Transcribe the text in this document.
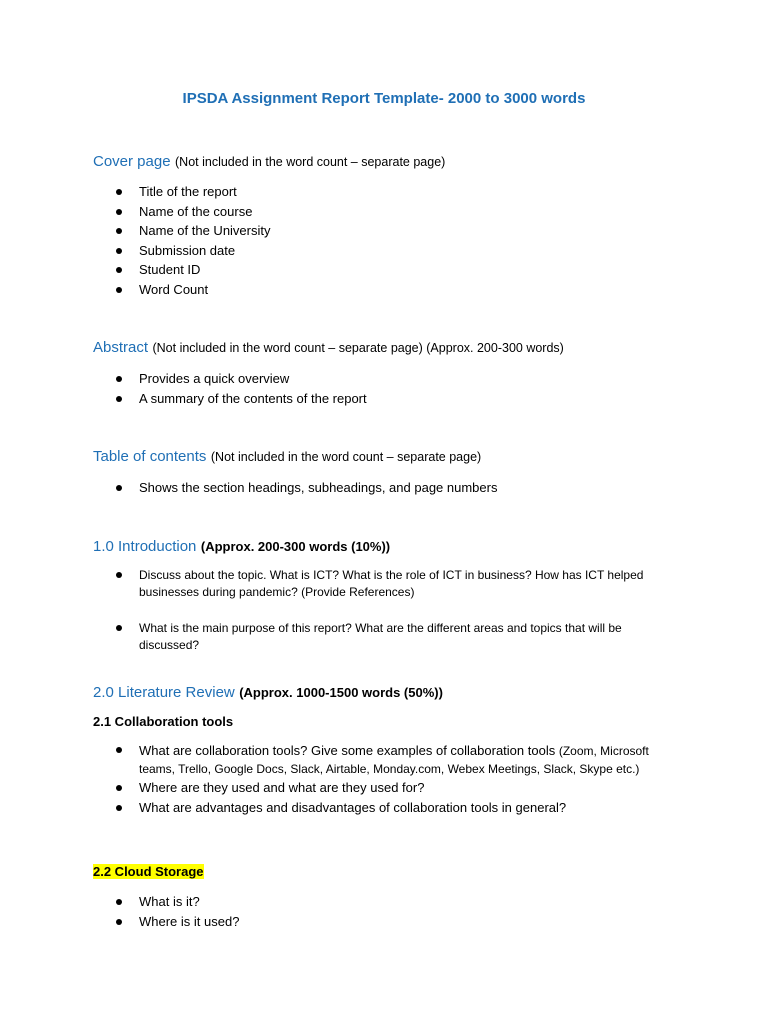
IPSDA Assignment Report Template- 2000 to 3000 words
Cover page (Not included in the word count – separate page)
Title of the report
Name of the course
Name of the University
Submission date
Student ID
Word Count
Abstract (Not included in the word count – separate page) (Approx. 200-300 words)
Provides a quick overview
A summary of the contents of the report
Table of contents (Not included in the word count – separate page)
Shows the section headings, subheadings, and page numbers
1.0 Introduction (Approx. 200-300 words (10%))
Discuss about the topic. What is ICT? What is the role of ICT in business? How has ICT helped businesses during pandemic? (Provide References)
What is the main purpose of this report? What are the different areas and topics that will be discussed?
2.0 Literature Review (Approx. 1000-1500 words (50%))
2.1 Collaboration tools
What are collaboration tools? Give some examples of collaboration tools (Zoom, Microsoft teams, Trello, Google Docs, Slack, Airtable, Monday.com, Webex Meetings, Slack, Skype etc.)
Where are they used and what are they used for?
What are advantages and disadvantages of collaboration tools in general?
2.2 Cloud Storage
What is it?
Where is it used?
